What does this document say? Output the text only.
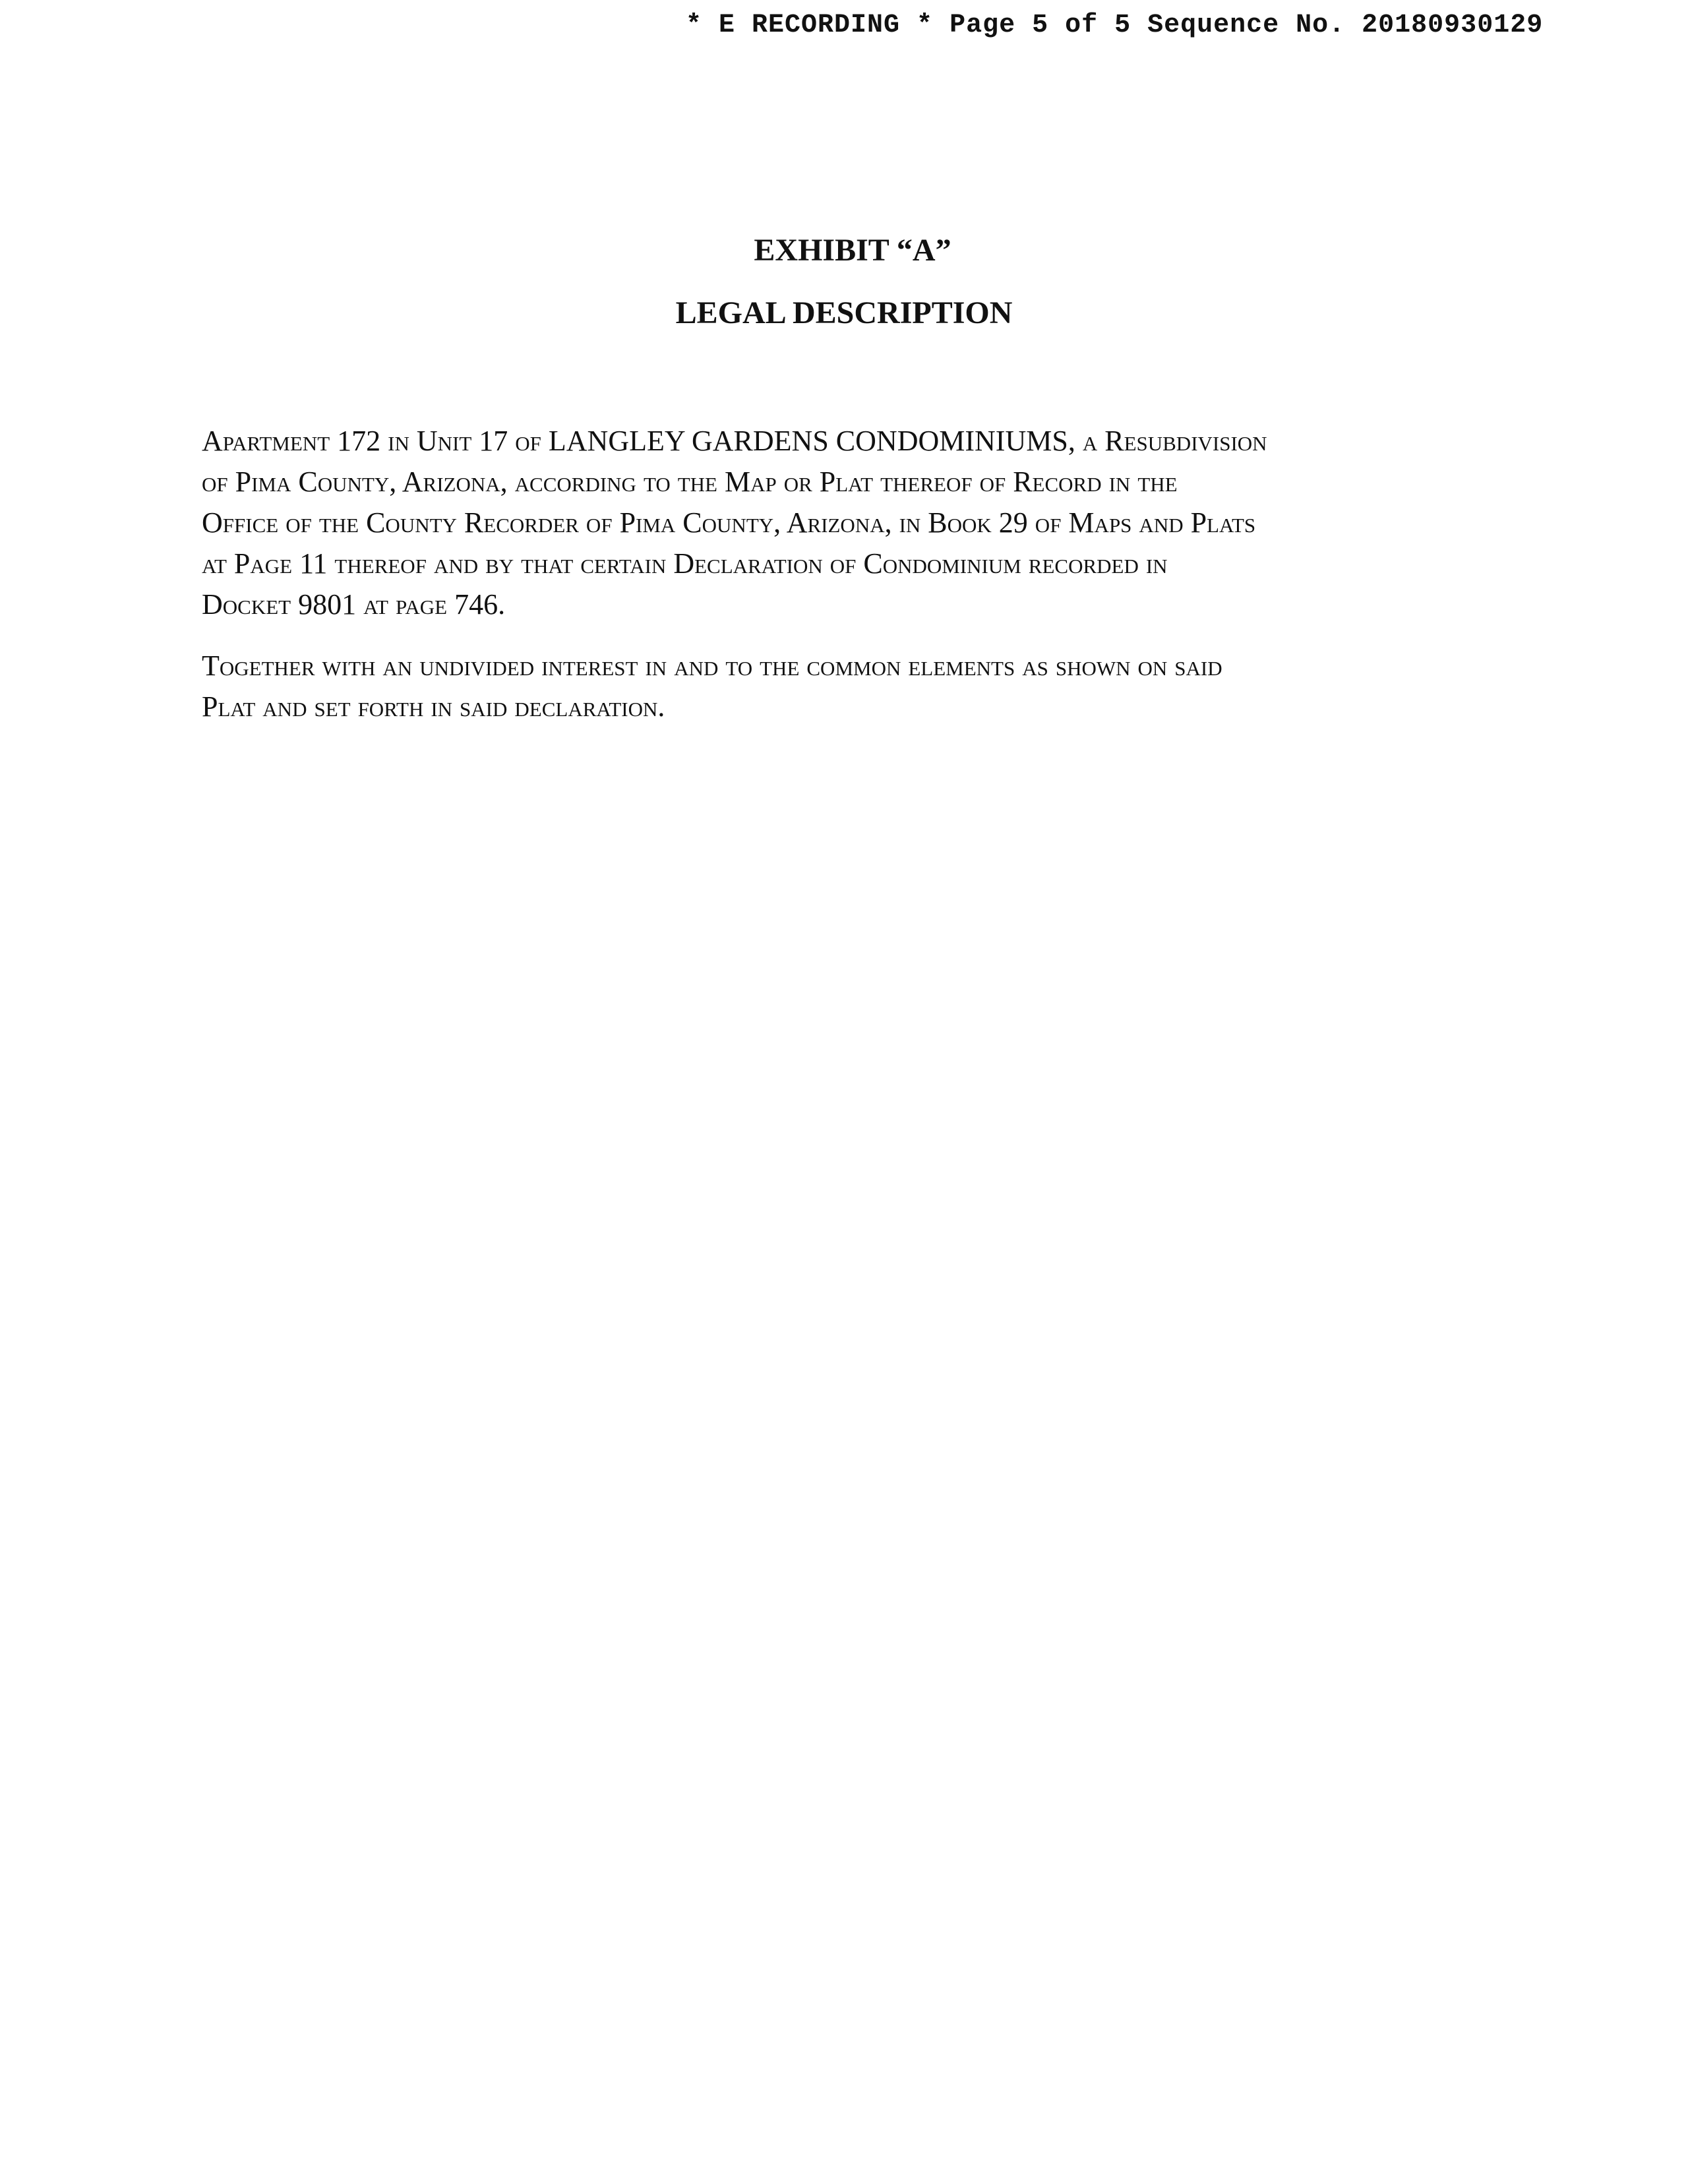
* E RECORDING * Page 5 of 5 Sequence No. 20180930129
EXHIBIT “A”
LEGAL DESCRIPTION
Apartment 172 in Unit 17 of LANGLEY GARDENS CONDOMINIUMS, a Resubdivision
of Pima County, Arizona, according to the Map or Plat thereof of Record in the
Office of the County Recorder of Pima County, Arizona, in Book 29 of Maps and Plats
at Page 11 thereof and by that certain Declaration of Condominium recorded in
Docket 9801 at page 746.
Together with an undivided interest in and to the common elements as shown on said
Plat and set forth in said declaration.
